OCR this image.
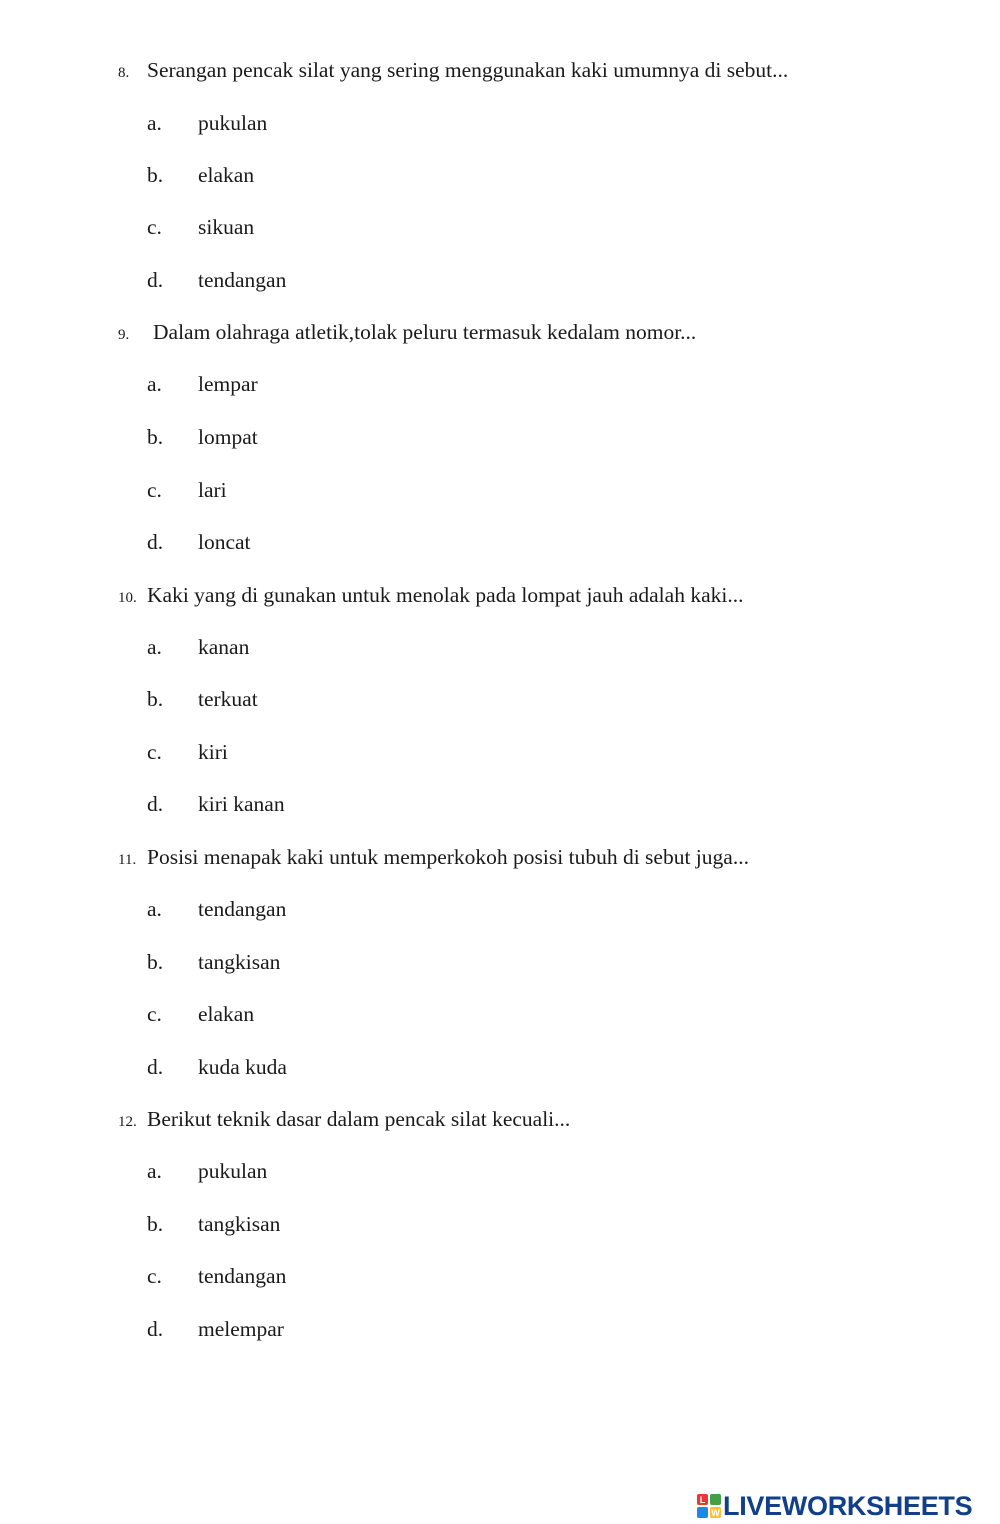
8. Serangan pencak silat yang sering menggunakan kaki umumnya di sebut...
a. pukulan
b. elakan
c. sikuan
d. tendangan
9. Dalam olahraga atletik,tolak peluru termasuk kedalam nomor...
a. lempar
b. lompat
c. lari
d. loncat
10. Kaki yang di gunakan untuk menolak pada lompat jauh adalah kaki...
a. kanan
b. terkuat
c. kiri
d. kiri kanan
11. Posisi menapak kaki untuk memperkokoh posisi tubuh di sebut juga...
a. tendangan
b. tangkisan
c. elakan
d. kuda kuda
12. Berikut teknik dasar dalam pencak silat kecuali...
a. pukulan
b. tangkisan
c. tendangan
d. melempar
L
W LIVEWORKSHEETS
